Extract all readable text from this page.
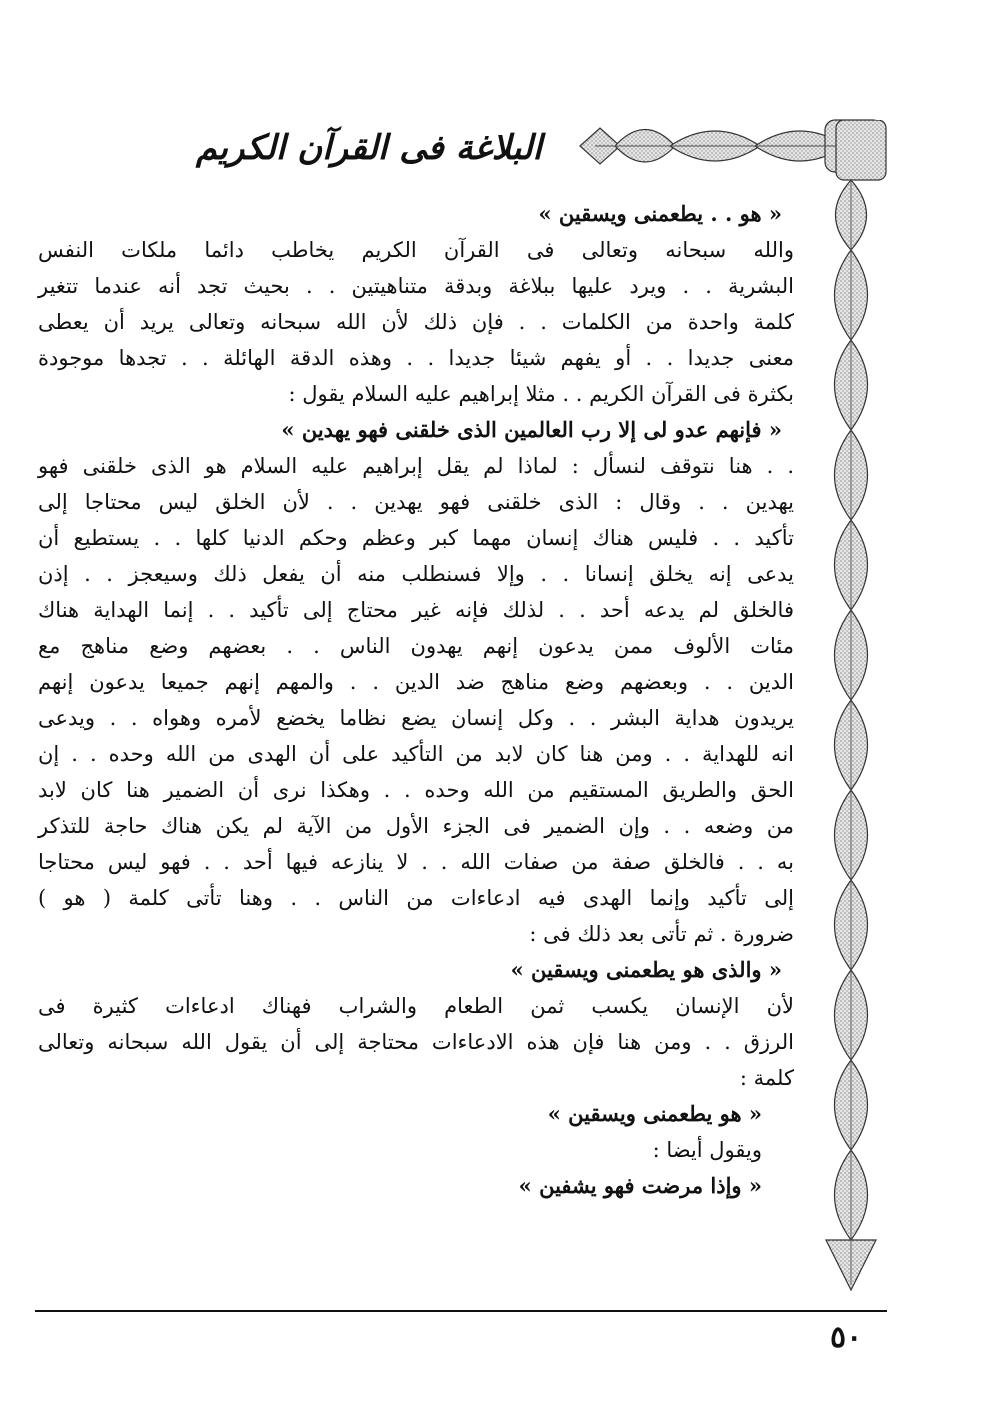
البلاغة فى القرآن الكريم
« هو . . يطعمنى ويسقين »
والله سبحانه وتعالى فى القرآن الكريم يخاطب دائما ملكات النفس
البشرية . . ويرد عليها ببلاغة وبدقة متناهيتين . . بحيث تجد أنه عندما تتغير
كلمة واحدة من الكلمات . . فإن ذلك لأن الله سبحانه وتعالى يريد أن يعطى
معنى جديدا . . أو يفهم شيئا جديدا . . وهذه الدقة الهائلة . . تجدها موجودة
بكثرة فى القرآن الكريم . . مثلا إبراهيم عليه السلام يقول :
« فإنهم عدو لى إلا رب العالمين الذى خلقنى فهو يهدين »
. . هنا نتوقف لنسأل : لماذا لم يقل إبراهيم عليه السلام هو الذى خلقنى فهو
يهدين . . وقال : الذى خلقنى فهو يهدين . . لأن الخلق ليس محتاجا إلى
تأكيد . . فليس هناك إنسان مهما كبر وعظم وحكم الدنيا كلها . . يستطيع أن
يدعى إنه يخلق إنسانا . . وإلا فسنطلب منه أن يفعل ذلك وسيعجز . . إذن
فالخلق لم يدعه أحد . . لذلك فإنه غير محتاج إلى تأكيد . . إنما الهداية هناك
مئات الألوف ممن يدعون إنهم يهدون الناس . . بعضهم وضع مناهج مع
الدين . . وبعضهم وضع مناهج ضد الدين . . والمهم إنهم جميعا يدعون إنهم
يريدون هداية البشر . . وكل إنسان يضع نظاما يخضع لأمره وهواه . . ويدعى
انه للهداية . . ومن هنا كان لابد من التأكيد على أن الهدى من الله وحده . . إن
الحق والطريق المستقيم من الله وحده . . وهكذا نرى أن الضمير هنا كان لابد
من وضعه . . وإن الضمير فى الجزء الأول من الآية لم يكن هناك حاجة للتذكر
به . . فالخلق صفة من صفات الله . . لا ينازعه فيها أحد . . فهو ليس محتاجا
إلى تأكيد وإنما الهدى فيه ادعاءات من الناس . . وهنا تأتى كلمة ( هو )
ضرورة . ثم تأتى بعد ذلك فى :
« والذى هو يطعمنى ويسقين »
لأن الإنسان يكسب ثمن الطعام والشراب فهناك ادعاءات كثيرة فى
الرزق . . ومن هنا فإن هذه الادعاءات محتاجة إلى أن يقول الله سبحانه وتعالى
كلمة :
« هو يطعمنى ويسقين »
ويقول أيضا :
« وإذا مرضت فهو يشفين »
٥٠
